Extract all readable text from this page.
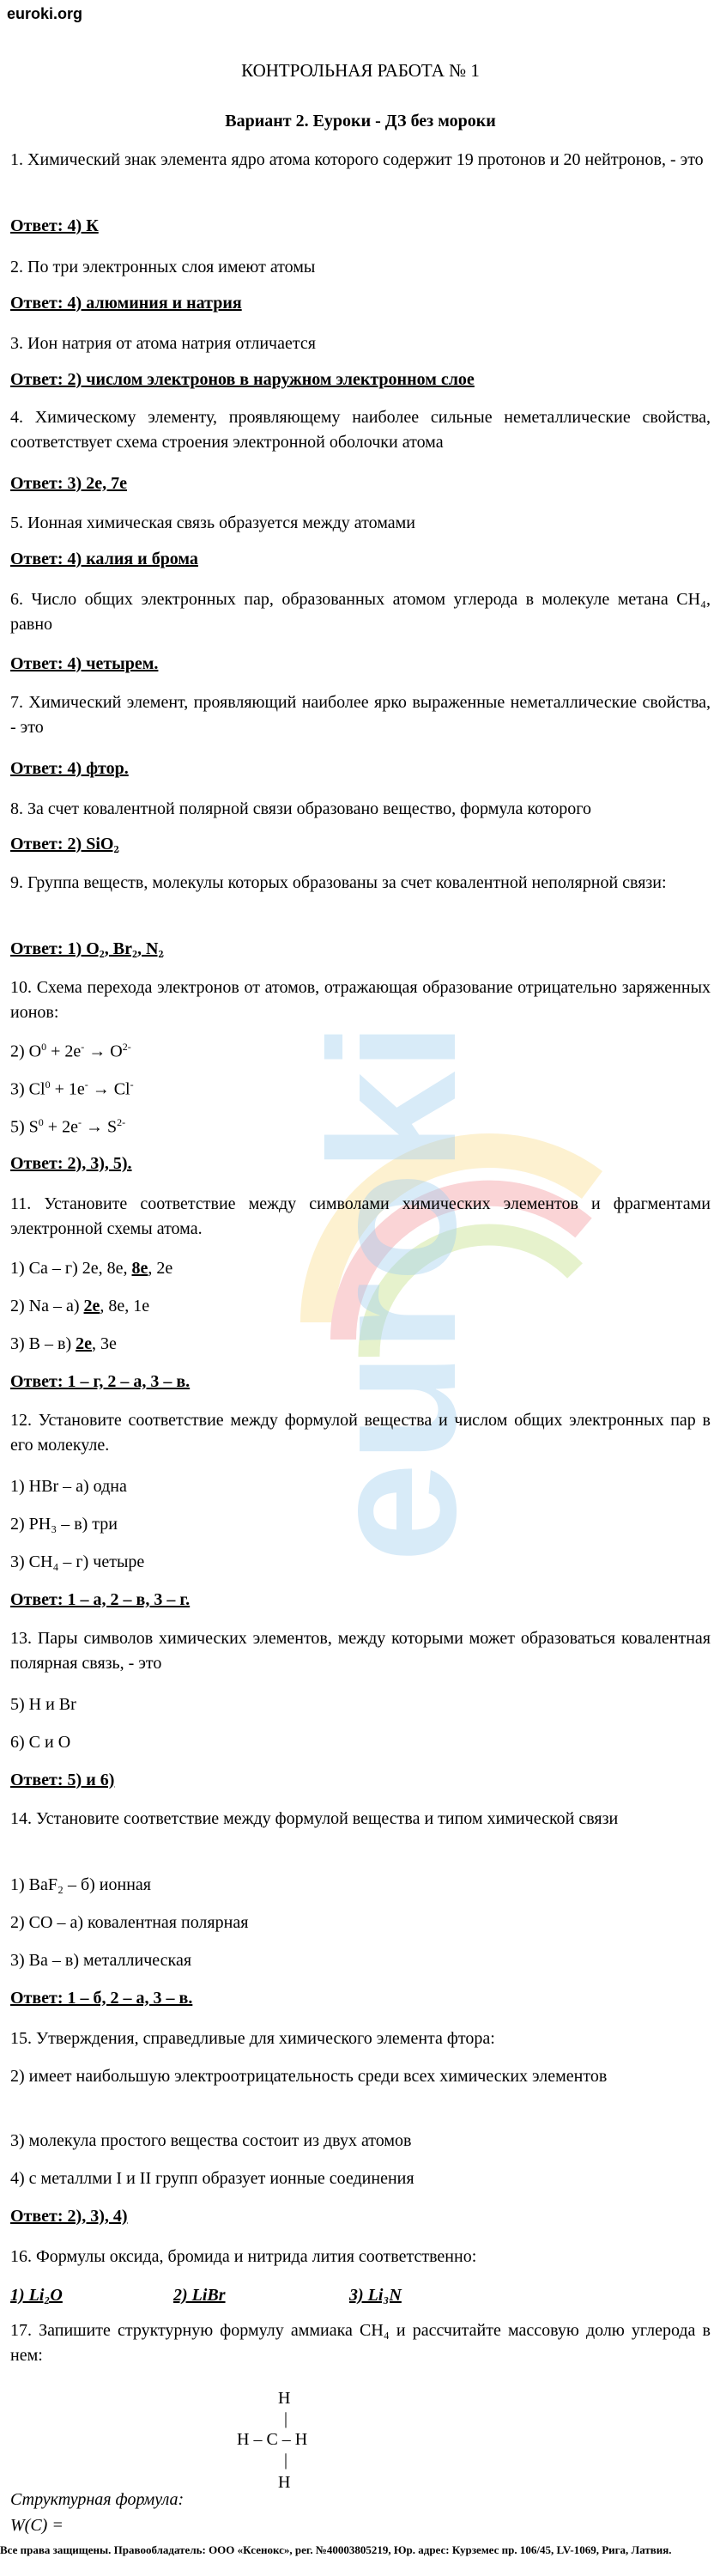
euroki.org
euroki
КОНТРОЛЬНАЯ РАБОТА № 1
Вариант 2. Еуроки - ДЗ без мороки
1. Химический знак элемента ядро атома которого содержит 19 протонов и 20 нейтронов, - это
Ответ: 4) К
2. По три электронных слоя имеют атомы
Ответ: 4) алюминия и натрия
3. Ион натрия от атома натрия отличается
Ответ: 2) числом электронов в наружном электронном слое
4. Химическому элементу, проявляющему наиболее сильные неметаллические свойства, соответствует схема строения электронной оболочки атома
Ответ: 3) 2е, 7е
5. Ионная химическая связь образуется между атомами
Ответ: 4) калия и брома
6. Число общих электронных пар, образованных атомом углерода в молекуле метана СН₄, равно
Ответ: 4) четырем.
7. Химический элемент, проявляющий наиболее ярко выраженные неметаллические свойства, - это
Ответ: 4) фтор.
8. За счет ковалентной полярной связи образовано вещество, формула которого
Ответ: 2) SiO₂
9. Группа веществ, молекулы которых образованы за счет ковалентной неполярной связи:
Ответ: 1) O₂, Br₂, N₂
10. Схема перехода электронов от атомов, отражающая образование отрицательно заряженных ионов:
2) $O^0 + 2e^- \to O^{2-}$
3) $Cl^0 + 1e^- \to Cl^-$
5) $S^0 + 2e^- \to S^{2-}$
Ответ: 2), 3), 5).
11. Установите соответствие между символами химических элементов и фрагментами электронной схемы атома.
1) Са – г) 2е, 8е, 8е, 2е
2) Na – а) 2е, 8е, 1е
3) В – в) 2е, 3е
Ответ: 1 – г, 2 – а, 3 – в.
12. Установите соответствие между формулой вещества и числом общих электронных пар в его молекуле.
1) HBr – а) одна
2) PH₃ – в) три
3) CH₄ – г) четыре
Ответ: 1 – а, 2 – в, 3 – г.
13. Пары символов химических элементов, между которыми может образоваться ковалентная полярная связь, - это
5) H и Br
6) C и O
Ответ: 5) и 6)
14. Установите соответствие между формулой вещества и типом химической связи
1) BaF₂ – б) ионная
2) CO – а) ковалентная полярная
3) Ва – в) металлическая
Ответ: 1 – б, 2 – а, 3 – в.
15. Утверждения, справедливые для химического элемента фтора:
2) имеет наибольшую электроотрицательность среди всех химических элементов
3) молекула простого вещества состоит из двух атомов
4) с металлми I и II групп образует ионные соединения
Ответ: 2), 3), 4)
16. Формулы оксида, бромида и нитрида лития соответственно:
1) Li₂O	2) LiBr	3) Li₃N
17. Запишите структурную формулу аммиака СН₄ и рассчитайте массовую долю углерода в нем:
H
|
H – C – H
|
H
Структурная формула:
W(C) =
Все права защищены. Правообладатель: ООО «Ксенокс», рег. №40003805219, Юр. адрес: Курземес пр. 106/45, LV-1069, Рига, Латвия.
